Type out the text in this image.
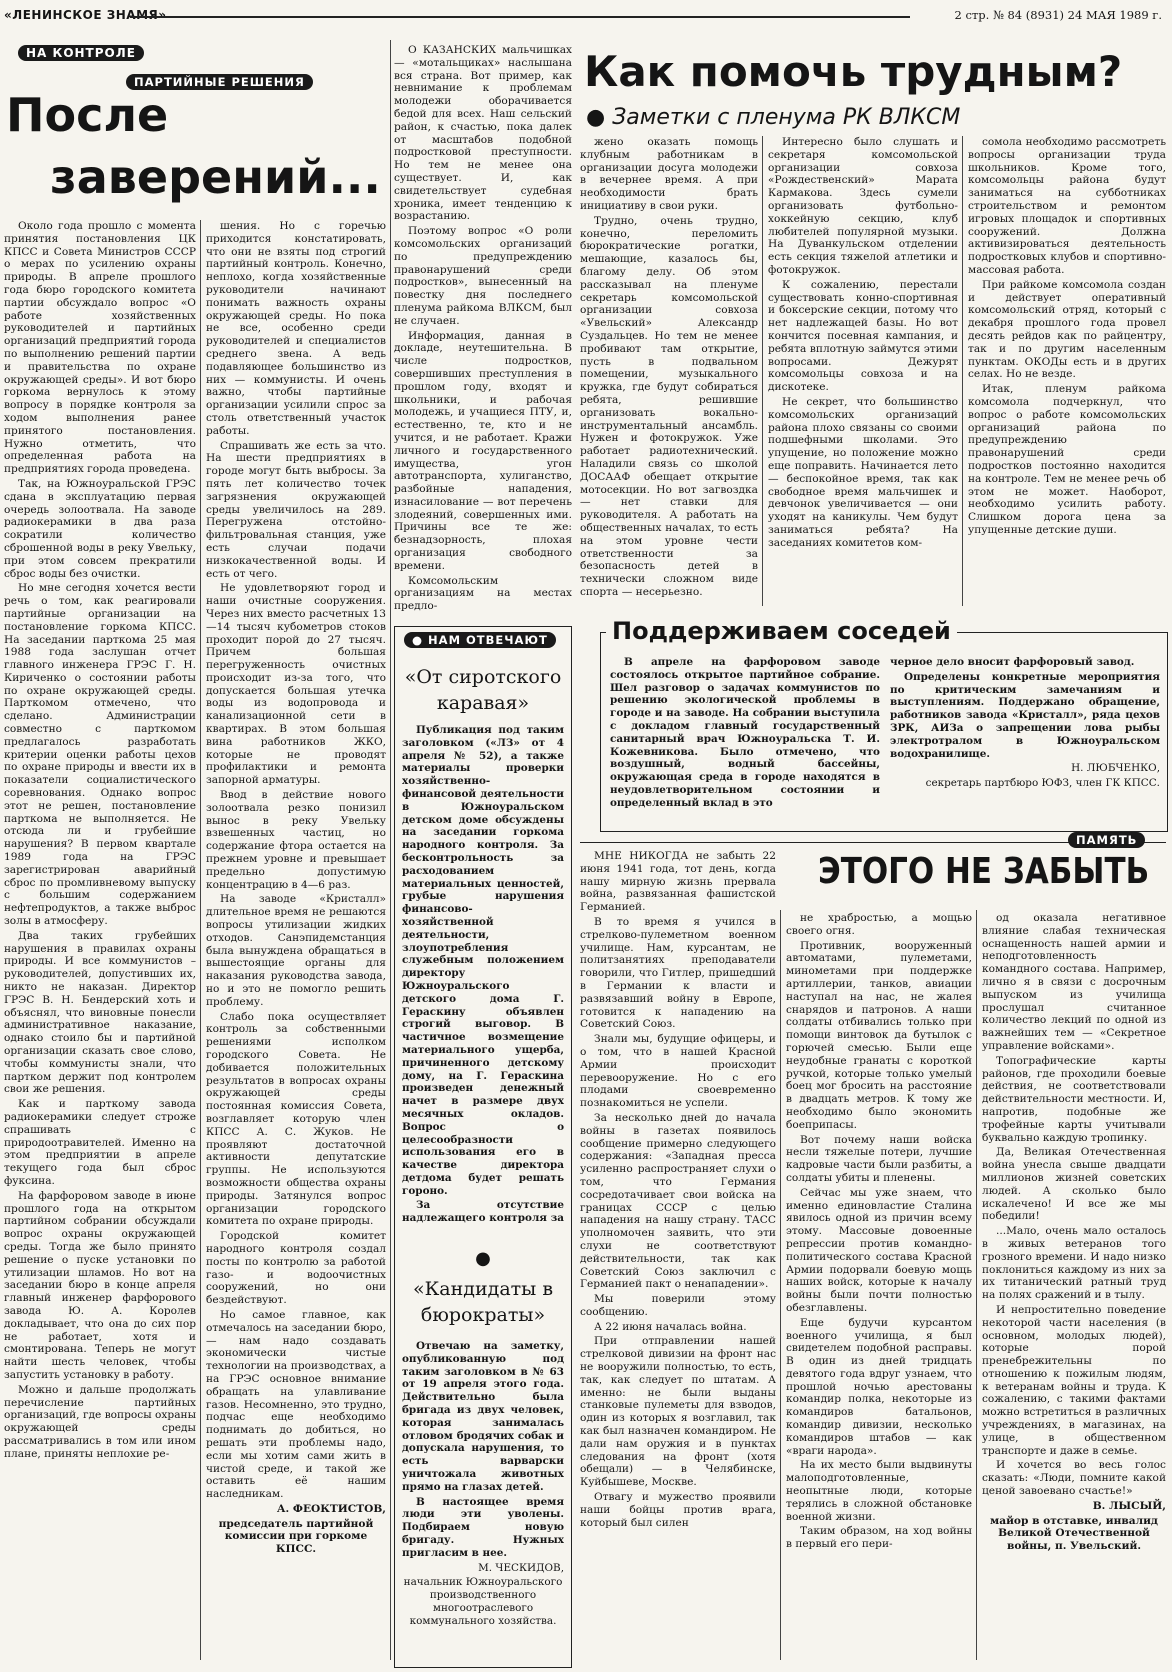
«ЛЕНИНСКОЕ ЗНАМЯ»	2 стр. № 84 (8931) 24 МАЯ 1989 г.
НА КОНТРОЛЕ
ПАРТИЙНЫЕ РЕШЕНИЯ
После
заверений...

Около года прошло с момента принятия постановления ЦК КПСС и Совета Министров СССР о мерах по усилению охраны природы. В апреле прошлого года бюро городского комитета партии обсуждало вопрос «О работе хозяйственных руководителей и партийных организаций предприятий города по выполнению решений партии и правительства по охране окружающей среды». И вот бюро горкома вернулось к этому вопросу в порядке контроля за ходом выполнения ранее принятого постановления. Нужно отметить, что определенная работа на предприятиях города проведена.

Так, на Южноуральской ГРЭС сдана в эксплуатацию первая очередь золоотвала. На заводе радиокерамики в два раза сократили количество сброшенной воды в реку Увельку, при этом совсем прекратили сброс воды без очистки.

Но мне сегодня хочется вести речь о том, как реагировали партийные организации на постановление горкома КПСС. На заседании парткома 25 мая 1988 года заслушан отчет главного инженера ГРЭС Г. Н. Кириченко о состоянии работы по охране окружающей среды. Парткомом отмечено, что сделано. Администрации совместно с парткомом предлагалось разработать критерии оценки работы цехов по охране природы и ввести их в показатели социалистического соревнования. Однако вопрос этот не решен, постановление парткома не выполняется. Не отсюда ли и грубейшие нарушения? В первом квартале 1989 года на ГРЭС зарегистрирован аварийный сброс по промливневому выпуску с большим содержанием нефтепродуктов, а также выброс золы в атмосферу.

Два таких грубейших нарушения в правилах охраны природы. И все коммунистов – руководителей, допустивших их, никто не наказан. Директор ГРЭС В. Н. Бендерский хоть и объяснял, что виновные понесли административное наказание, однако стоило бы и партийной организации сказать свое слово, чтобы коммунисты знали, что партком держит под контролем свои же решения.

Как и парткому завода радиокерамики следует строже спрашивать с природоотравителей. Именно на этом предприятии в апреле текущего года был сброс фуксина.

На фарфоровом заводе в июне прошлого года на открытом партийном собрании обсуждали вопрос охраны окружающей среды. Тогда же было принято решение о пуске установки по утилизации шламов. Но вот на заседании бюро в конце апреля главный инженер фарфорового завода Ю. А. Королев докладывает, что она до сих пор не работает, хотя и смонтирована. Теперь не могут найти шесть человек, чтобы запустить установку в работу.

Можно и дальше продолжать перечисление партийных организаций, где вопросы охраны окружающей среды рассматривались в том или ином плане, приняты неплохие ре-

шения. Но с горечью приходится констатировать, что они не взяты под строгий партийный контроль. Конечно, неплохо, когда хозяйственные руководители начинают понимать важность охраны окружающей среды. Но пока не все, особенно среди руководителей и специалистов среднего звена. А ведь подавляющее большинство из них — коммунисты. И очень важно, чтобы партийные организации усилили спрос за столь ответственный участок работы.

Спрашивать же есть за что. На шести предприятиях в городе могут быть выбросы. За пять лет количество точек загрязнения окружающей среды увеличилось на 289. Перегружена отстойно-фильтровальная станция, уже есть случаи подачи низкокачественной воды. И есть от чего.

Не удовлетворяют город и наши очистные сооружения. Через них вместо расчетных 13—14 тысяч кубометров стоков проходит порой до 27 тысяч. Причем большая перегруженность очистных происходит из-за того, что допускается большая утечка воды из водопровода и канализационной сети в квартирах. В этом большая вина работников ЖКО, которые не проводят профилактики и ремонта запорной арматуры.

Ввод в действие нового золоотвала резко понизил вынос в реку Увельку взвешенных частиц, но содержание фтора остается на прежнем уровне и превышает предельно допустимую концентрацию в 4—6 раз.

На заводе «Кристалл» длительное время не решаются вопросы утилизации жидких отходов. Санэпидемстанция была вынуждена обращаться в вышестоящие органы для наказания руководства завода, но и это не помогло решить проблему.

Слабо пока осуществляет контроль за собственными решениями исполком городского Совета. Не добивается положительных результатов в вопросах охраны окружающей среды постоянная комиссия Совета, возглавляет которую член КПСС А. С. Жуков. Не проявляют достаточной активности депутатские группы. Не используются возможности общества охраны природы. Затянулся вопрос организации городского комитета по охране природы.

Городской комитет народного контроля создал посты по контролю за работой газо- и водоочистных сооружений, но они бездействуют.

Но самое главное, как отмечалось на заседании бюро, — нам надо создавать экономически чистые технологии на производствах, а на ГРЭС основное внимание обращать на улавливание газов. Несомненно, это трудно, подчас еще необходимо поднимать до добиться, но решать эти проблемы надо, если мы хотим сами жить в чистой среде, и такой же оставить её нашим наследникам.

А. ФЕОКТИСТОВ,

председатель партийной комиссии при горкоме КПСС.

О КАЗАНСКИХ мальчишках — «мотальщиках» наслышана вся страна. Вот пример, как невнимание к проблемам молодежи оборачивается бедой для всех. Наш сельский район, к счастью, пока далек от масштабов подобной подростковой преступности. Но тем не менее она существует. И, как свидетельствует судебная хроника, имеет тенденцию к возрастанию.

Поэтому вопрос «О роли комсомольских организаций по предупреждению правонарушений среди подростков», вынесенный на повестку дня последнего пленума райкома ВЛКСМ, был не случаен.

Информация, данная в докладе, неутешительна. В числе подростков, совершивших преступления в прошлом году, входят и школьники, и рабочая молодежь, и учащиеся ПТУ, и, естественно, те, кто и не учится, и не работает. Кражи личного и государственного имущества, угон автотранспорта, хулиганство, разбойные нападения, изнасилование — вот перечень злодеяний, совершенных ими. Причины все те же: безнадзорность, плохая организация свободного времени.

Комсомольским организациям на местах предло-

Как помочь трудным?
● Заметки с пленума РК ВЛКСМ

жено оказать помощь клубным работникам в организации досуга молодежи в вечернее время. А при необходимости брать инициативу в свои руки.

Трудно, очень трудно, конечно, переломить бюрократические рогатки, мешающие, казалось бы, благому делу. Об этом рассказывал на пленуме секретарь комсомольской организации совхоза «Увельский» Александр Суздальцев. Но тем не менее пробивают там открытие, пусть в подвальном помещении, музыкального кружка, где будут собираться ребята, решившие организовать вокально-инструментальный ансамбль. Нужен и фотокружок. Уже работает радиотехнический. Наладили связь со школой ДОСААФ обещает открытие мотосекции. Но вот загвоздка — нет ставки для руководителя. А работать на общественных началах, то есть на этом уровне чести ответственности за безопасность детей в технически сложном виде спорта — несерьезно.

Интересно было слушать и секретаря комсомольской организации совхоза «Рождественский» Марата Кармакова. Здесь сумели организовать футбольно-хоккейную секцию, клуб любителей популярной музыки. На Дуванкульском отделении есть секция тяжелой атлетики и фотокружок.

К сожалению, перестали существовать конно-спортивная и боксерские секции, потому что нет надлежащей базы. Но вот кончится посевная кампания, и ребята вплотную займутся этими вопросами. Дежурят комсомольцы совхоза и на дискотеке.

Не секрет, что большинство комсомольских организаций района плохо связаны со своими подшефными школами. Это упущение, но положение можно еще поправить. Начинается лето — беспокойное время, так как свободное время мальчишек и девчонок увеличивается — они уходят на каникулы. Чем будут заниматься ребята? На заседаниях комитетов ком-

сомола необходимо рассмотреть вопросы организации труда школьников. Кроме того, комсомольцы района будут заниматься на субботниках строительством и ремонтом игровых площадок и спортивных сооружений. Должна активизироваться деятельность подростковых клубов и спортивно-массовая работа.

При райкоме комсомола создан и действует оперативный комсомольский отряд, который с декабря прошлого года провел десять рейдов как по райцентру, так и по другим населенным пунктам. ОКОДы есть и в других селах. Но не везде.

Итак, пленум райкома комсомола подчеркнул, что вопрос о работе комсомольских организаций района по предупреждению правонарушений среди подростков постоянно находится на контроле. Тем не менее речь об этом не может. Наоборот, необходимо усилить работу. Слишком дорога цена за упущенные детские души.

● НАМ ОТВЕЧАЮТ
«От сиротского каравая»

Публикация под таким заголовком («ЛЗ» от 4 апреля № 52), а также материалы проверки хозяйственно-финансовой деятельности в Южноуральском детском доме обсуждены на заседании горкома народного контроля. За бесконтрольность за расходованием материальных ценностей, грубые нарушения финансово-хозяйственной деятельности, злоупотребления служебным положением директору Южноуральского детского дома Г. Гераскину объявлен строгий выговор. В частичное возмещение материального ущерба, причиненного детскому дому, на Г. Гераскина произведен денежный начет в размере двух месячных окладов. Вопрос о целесообразности использования его в качестве директора детдома будет решать гороно.

За отсутствие надлежащего контроля за

●
«Кандидаты в бюрократы»

Отвечаю на заметку, опубликованную под таким заголовком в № 63 от 19 апреля этого года. Действительно была бригада из двух человек, которая занималась отловом бродячих собак и допускала нарушения, то есть варварски уничтожала животных прямо на глазах детей.

В настоящее время люди эти уволены. Подбираем новую бригаду. Нужных пригласим в нее.

М. ЧЕСКИДОВ,

начальник Южноуральского производственного многоотраслевого коммунального хозяйства.

Поддерживаем соседей

В апреле на фарфоровом заводе состоялось открытое партийное собрание. Шел разговор о задачах коммунистов по решению экологической проблемы в городе и на заводе. На собрании выступила с докладом главный государственный санитарный врач Южноуральска Т. И. Кожевникова. Было отмечено, что воздушный, водный бассейны, окружающая среда в городе находятся в неудовлетворительном состоянии и определенный вклад в это

черное дело вносит фарфоровый завод.

Определены конкретные мероприятия по критическим замечаниям и выступлениям. Поддержано обращение, работников завода «Кристалл», ряда цехов ЗРК, АИЗа о запрещении лова рыбы электротралом в Южноуральском водохранилище.

Н. ЛЮБЧЕНКО,

секретарь партбюро ЮФЗ, член ГК КПСС.

ПАМЯТЬ
ЭТОГО НЕ ЗАБЫТЬ

МНЕ НИКОГДА не забыть 22 июня 1941 года, тот день, когда нашу мирную жизнь прервала война, развязанная фашистской Германией.

В то время я учился в стрелково-пулеметном военном училище. Нам, курсантам, не политзанятиях преподаватели говорили, что Гитлер, пришедший в Германии к власти и развязавший войну в Европе, готовится к нападению на Советский Союз.

Знали мы, будущие офицеры, и о том, что в нашей Красной Армии происходит перевооружение. Но с его плодами своевременно познакомиться не успели.

За несколько дней до начала войны в газетах появилось сообщение примерно следующего содержания: «Западная пресса усиленно распространяет слухи о том, что Германия сосредотачивает свои войска на границах СССР с целью нападения на нашу страну. ТАСС уполномочен заявить, что эти слухи не соответствуют действительности, так как Советский Союз заключил с Германией пакт о ненападении».

Мы поверили этому сообщению.

А 22 июня началась война.

При отправлении нашей стрелковой дивизии на фронт нас не вооружили полностью, то есть, так, как следует по штатам. А именно: не были выданы станковые пулеметы для взводов, один из которых я возглавил, так как был назначен командиром. Не дали нам оружия и в пунктах следования на фронт (хотя обещали) — в Челябинске, Куйбышеве, Москве.

Отвагу и мужество проявили наши бойцы против врага, который был силен

не храбростью, а мощью своего огня.

Противник, вооруженный автоматами, пулеметами, минометами при поддержке артиллерии, танков, авиации наступал на нас, не жалея снарядов и патронов. А наши солдаты отбивались только при помощи винтовок да бутылок с горючей смесью. Были еще неудобные гранаты с короткой ручкой, которые только умелый боец мог бросить на расстояние в двадцать метров. К тому же необходимо было экономить боеприпасы.

Вот почему наши войска несли тяжелые потери, лучшие кадровые части были разбиты, а солдаты убиты и пленены.

Сейчас мы уже знаем, что именно единовластие Сталина явилось одной из причин всему этому. Массовые довоенные репрессии против командно-политического состава Красной Армии подорвали боевую мощь наших войск, которые к началу войны были почти полностью обезглавлены.

Еще будучи курсантом военного училища, я был свидетелем подобной расправы. В один из дней тридцать девятого года вдруг узнаем, что прошлой ночью арестованы командир полка, некоторые из командиров батальонов, командир дивизии, несколько командиров штабов — как «враги народа».

На их место были выдвинуты малоподготовленные, неопытные люди, которые терялись в сложной обстановке военной жизни.

Таким образом, на ход войны в первый его пери-

од оказала негативное влияние слабая техническая оснащенность нашей армии и неподготовленность командного состава. Например, лично я в связи с досрочным выпуском из училища прослушал считанное количество лекций по одной из важнейших тем — «Секретное управление войсками».

Топографические карты районов, где проходили боевые действия, не соответствовали действительности местности. И, напротив, подобные же трофейные карты учитывали буквально каждую тропинку.

Да, Великая Отечественная война унесла свыше двадцати миллионов жизней советских людей. А сколько было искалечено! И все же мы победили!

...Мало, очень мало осталось в живых ветеранов того грозного времени. И надо низко поклониться каждому из них за их титанический ратный труд на полях сражений и в тылу.

И непростительно поведение некоторой части населения (в основном, молодых людей), которые порой пренебрежительны по отношению к пожилым людям, к ветеранам войны и труда. К сожалению, с такими фактами можно встретиться в различных учреждениях, в магазинах, на улице, в общественном транспорте и даже в семье.

И хочется во весь голос сказать: «Люди, помните какой ценой завоевано счастье!»

В. ЛЫСЫЙ,

майор в отставке, инвалид Великой Отечественной войны, п. Увельский.
